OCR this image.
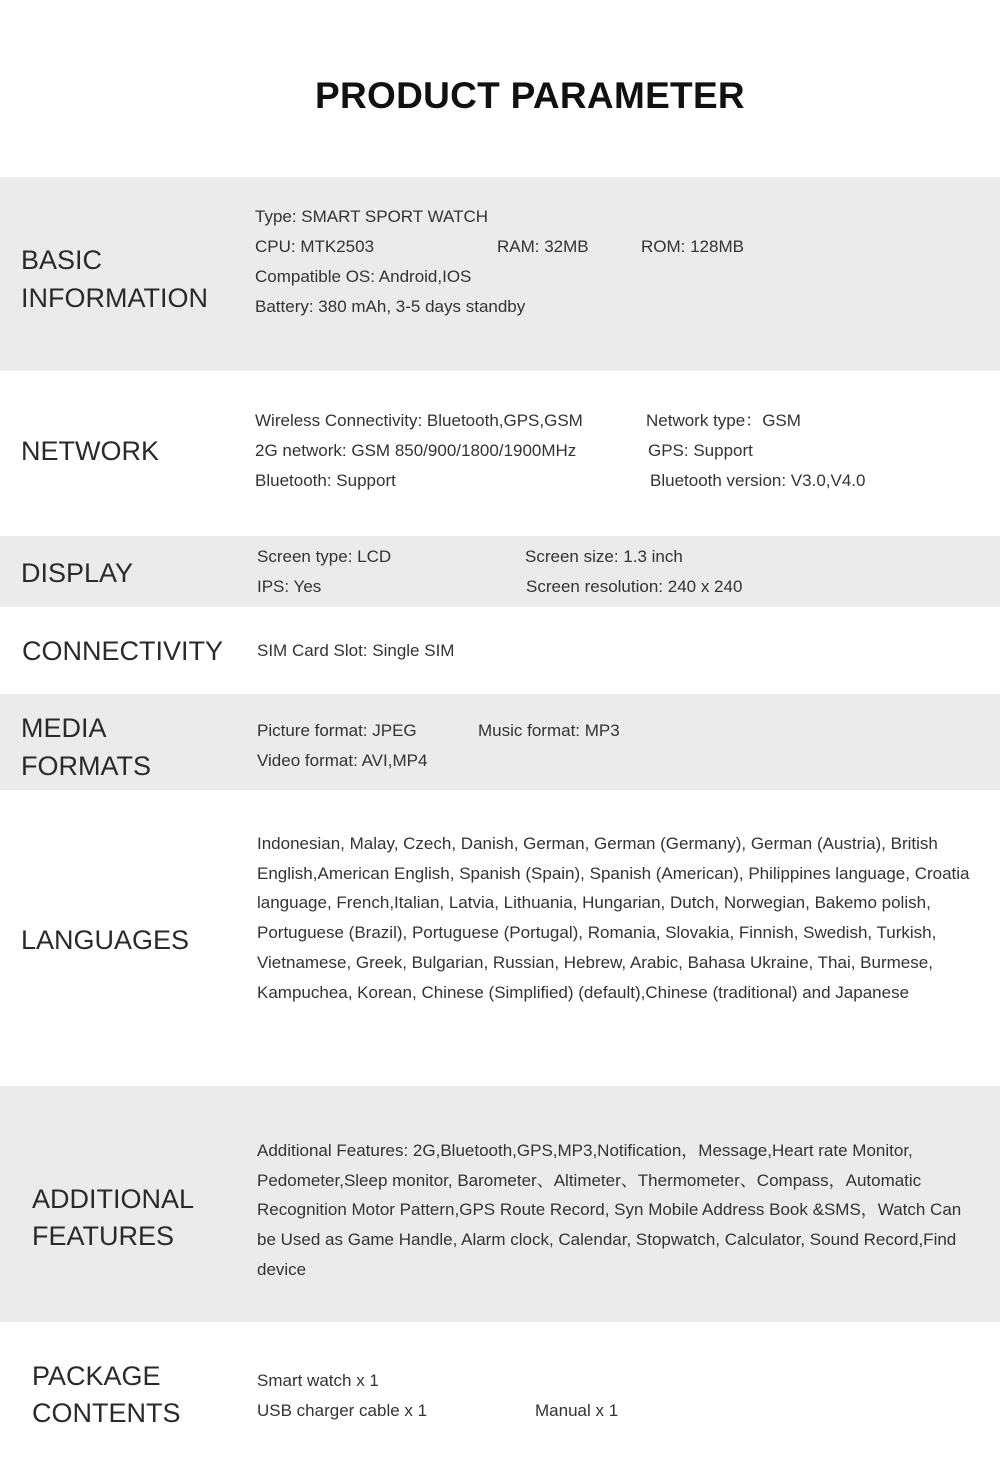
PRODUCT PARAMETER
BASIC
INFORMATION
Type: SMART SPORT WATCH
CPU: MTK2503	RAM: 32MB	ROM: 128MB
Compatible OS: Android,IOS
Battery: 380 mAh, 3-5 days standby
NETWORK
Wireless Connectivity: Bluetooth,GPS,GSM	Network type：GSM
2G network: GSM 850/900/1800/1900MHz	GPS: Support
Bluetooth: Support	Bluetooth version: V3.0,V4.0
DISPLAY
Screen type: LCD	Screen size: 1.3 inch
IPS: Yes	Screen resolution: 240 x 240
CONNECTIVITY SIM Card Slot: Single SIM
MEDIA
FORMATS
Picture format: JPEG	Music format: MP3
Video format: AVI,MP4
LANGUAGES
Indonesian, Malay, Czech, Danish, German, German (Germany), German (Austria), British English,American English, Spanish (Spain), Spanish (American), Philippines language, Croatia language, French,Italian, Latvia, Lithuania, Hungarian, Dutch, Norwegian, Bakemo polish, Portuguese (Brazil), Portuguese (Portugal), Romania, Slovakia, Finnish, Swedish, Turkish, Vietnamese, Greek, Bulgarian, Russian, Hebrew, Arabic, Bahasa Ukraine, Thai, Burmese, Kampuchea, Korean, Chinese (Simplified) (default),Chinese (traditional) and Japanese
ADDITIONAL
FEATURES
Additional Features: 2G,Bluetooth,GPS,MP3,Notification，Message,Heart rate Monitor, Pedometer,Sleep monitor, Barometer、Altimeter、Thermometer、Compass，Automatic Recognition Motor Pattern,GPS Route Record, Syn Mobile Address Book &SMS，Watch Can be Used as Game Handle, Alarm clock, Calendar, Stopwatch, Calculator, Sound Record,Find device
PACKAGE
CONTENTS
Smart watch x 1
USB charger cable x 1	Manual x 1
